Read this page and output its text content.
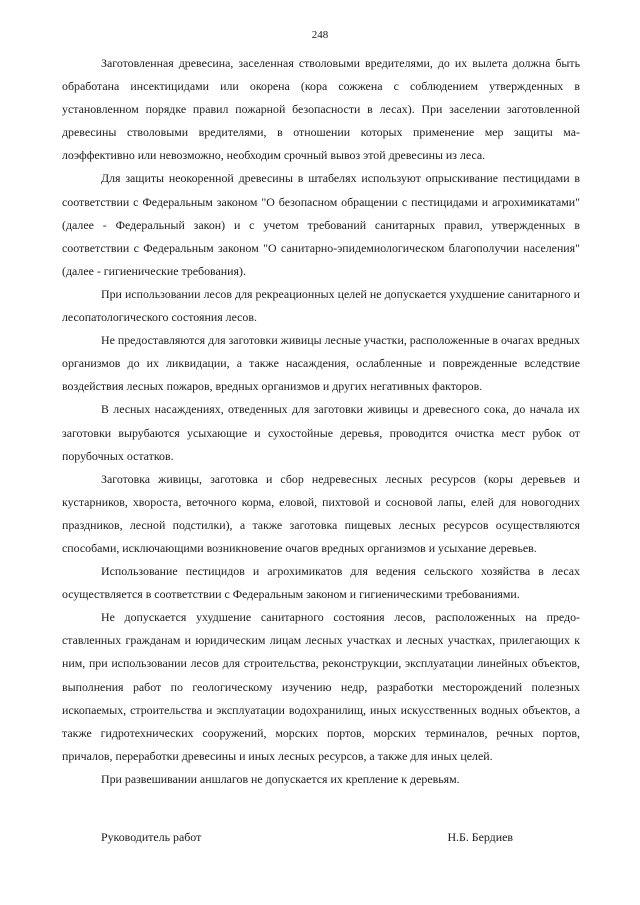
248

Заготовленная древесина, заселенная стволовыми вредителями, до их вылета должна быть обработана инсектицидами или окорена (кора сожжена с соблюдением утвержденных в установленном порядке правил пожарной безопасности в лесах). При заселении заготовленной древесины стволовыми вредителями, в отношении которых применение мер защиты малоэффективно или невозможно, необходим срочный вывоз этой древесины из леса.

Для защиты неокоренной древесины в штабелях используют опрыскивание пестицидами в соответствии с Федеральным законом "О безопасном обращении с пестицидами и агрохимикатами" (далее - Федеральный закон) и с учетом требований санитарных правил, утвержденных в соответствии с Федеральным законом "О санитарно-эпидемиологическом благополучии населения" (далее - гигиенические требования).

При использовании лесов для рекреационных целей не допускается ухудшение санитарного и лесопатологического состояния лесов.

Не предоставляются для заготовки живицы лесные участки, расположенные в очагах вредных организмов до их ликвидации, а также насаждения, ослабленные и поврежденные вследствие воздействия лесных пожаров, вредных организмов и других негативных факторов.

В лесных насаждениях, отведенных для заготовки живицы и древесного сока, до начала их заготовки вырубаются усыхающие и сухостойные деревья, проводится очистка мест рубок от порубочных остатков.

Заготовка живицы, заготовка и сбор недревесных лесных ресурсов (коры деревьев и кустарников, хвороста, веточного корма, еловой, пихтовой и сосновой лапы, елей для новогодних праздников, лесной подстилки), а также заготовка пищевых лесных ресурсов осуществляются способами, исключающими возникновение очагов вредных организмов и усыхание деревьев.

Использование пестицидов и агрохимикатов для ведения сельского хозяйства в лесах осуществляется в соответствии с Федеральным законом и гигиеническими требованиями.

Не допускается ухудшение санитарного состояния лесов, расположенных на предоставленных гражданам и юридическим лицам лесных участках и лесных участках, прилегающих к ним, при использовании лесов для строительства, реконструкции, эксплуатации линейных объектов, выполнения работ по геологическому изучению недр, разработки месторождений полезных ископаемых, строительства и эксплуатации водохранилищ, иных искусственных водных объектов, а также гидротехнических сооружений, морских портов, морских терминалов, речных портов, причалов, переработки древесины и иных лесных ресурсов, а также для иных целей.

При развешивании аншлагов не допускается их крепление к деревьям.

Руководитель работ	Н.Б. Бердиев
